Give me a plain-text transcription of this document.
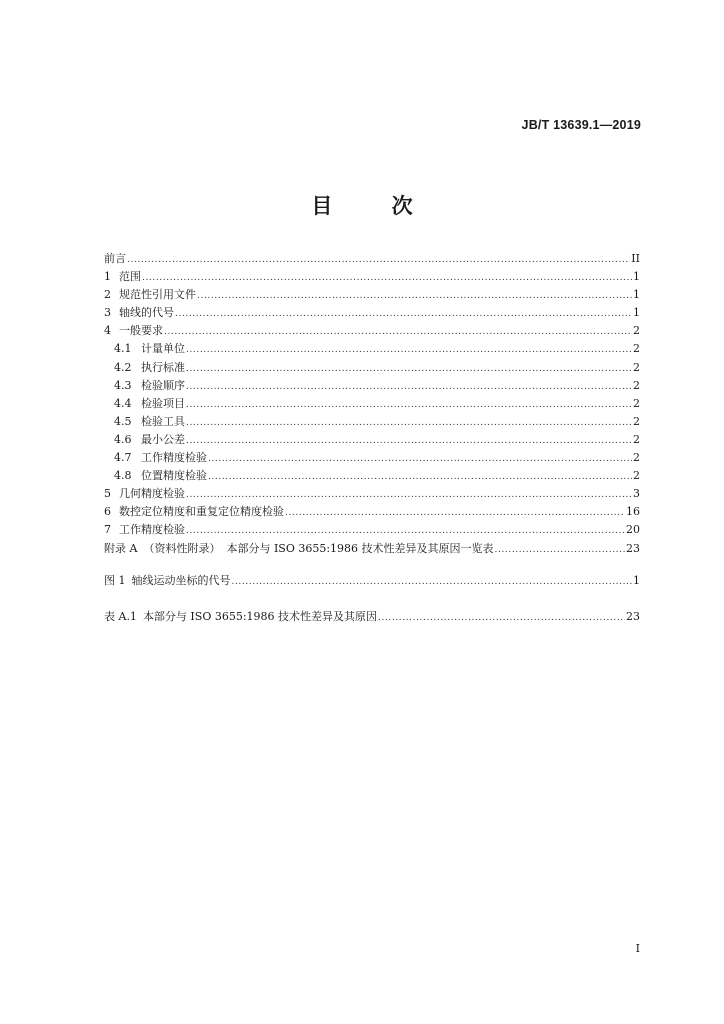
JB/T 13639.1—2019
目 次
前言 .....	II
1 范围 .....	1
2 规范性引用文件 .....	1
3 轴线的代号 .....	1
4 一般要求 .....	2
4.1 计量单位 .....	2
4.2 执行标准 .....	2
4.3 检验顺序 .....	2
4.4 检验项目 .....	2
4.5 检验工具 .....	2
4.6 最小公差 .....	2
4.7 工作精度检验 .....	2
4.8 位置精度检验 .....	2
5 几何精度检验 .....	3
6 数控定位精度和重复定位精度检验 .....	16
7 工作精度检验 .....	20
附录 A （资料性附录） 本部分与 ISO 3655:1986 技术性差异及其原因一览表 .....	23
图 1 轴线运动坐标的代号 .....	1
表 A.1 本部分与 ISO 3655:1986 技术性差异及其原因 .....	23
I
